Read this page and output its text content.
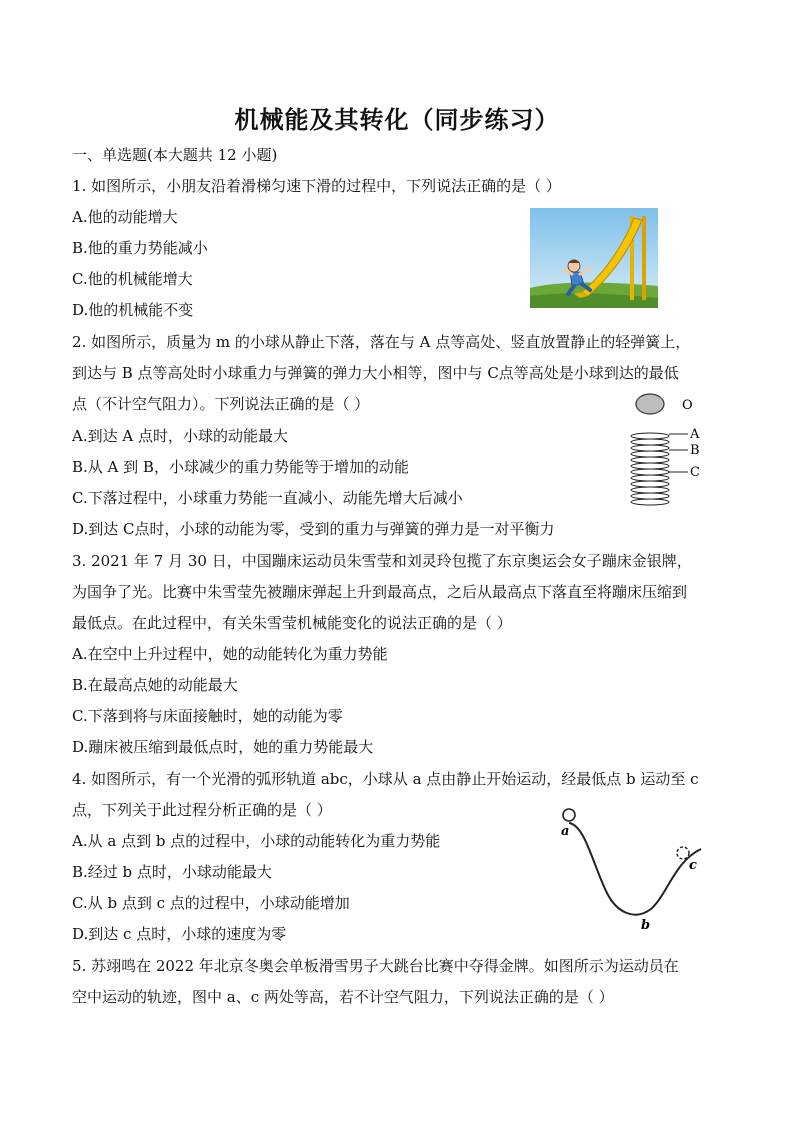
机械能及其转化（同步练习）
一、单选题(本大题共 12 小题)
1. 如图所示，小朋友沿着滑梯匀速下滑的过程中，下列说法正确的是（ ）
A.他的动能增大
B.他的重力势能减小
C.他的机械能增大
D.他的机械能不变
2. 如图所示，质量为 m 的小球从静止下落，落在与 A 点等高处、竖直放置静止的轻弹簧上，
到达与 B 点等高处时小球重力与弹簧的弹力大小相等，图中与 C点等高处是小球到达的最低
点（不计空气阻力）。下列说法正确的是（ ）
A.到达 A 点时，小球的动能最大
B.从 A 到 B，小球减少的重力势能等于增加的动能
C.下落过程中，小球重力势能一直减小、动能先增大后减小
D.到达 C点时，小球的动能为零，受到的重力与弹簧的弹力是一对平衡力
O
A
B
C
3. 2021 年 7 月 30 日，中国蹦床运动员朱雪莹和刘灵玲包揽了东京奥运会女子蹦床金银牌，
为国争了光。比赛中朱雪莹先被蹦床弹起上升到最高点，之后从最高点下落直至将蹦床压缩到
最低点。在此过程中，有关朱雪莹机械能变化的说法正确的是（ ）
A.在空中上升过程中，她的动能转化为重力势能
B.在最高点她的动能最大
C.下落到将与床面接触时，她的动能为零
D.蹦床被压缩到最低点时，她的重力势能最大
4. 如图所示，有一个光滑的弧形轨道 abc，小球从 a 点由静止开始运动，经最低点 b 运动至 c
点，下列关于此过程分析正确的是（ ）
A.从 a 点到 b 点的过程中，小球的动能转化为重力势能
B.经过 b 点时，小球动能最大
C.从 b 点到 c 点的过程中，小球动能增加
D.到达 c 点时，小球的速度为零
a
b
c
5. 苏翊鸣在 2022 年北京冬奥会单板滑雪男子大跳台比赛中夺得金牌。如图所示为运动员在
空中运动的轨迹，图中 a、c 两处等高，若不计空气阻力，下列说法正确的是（ ）
